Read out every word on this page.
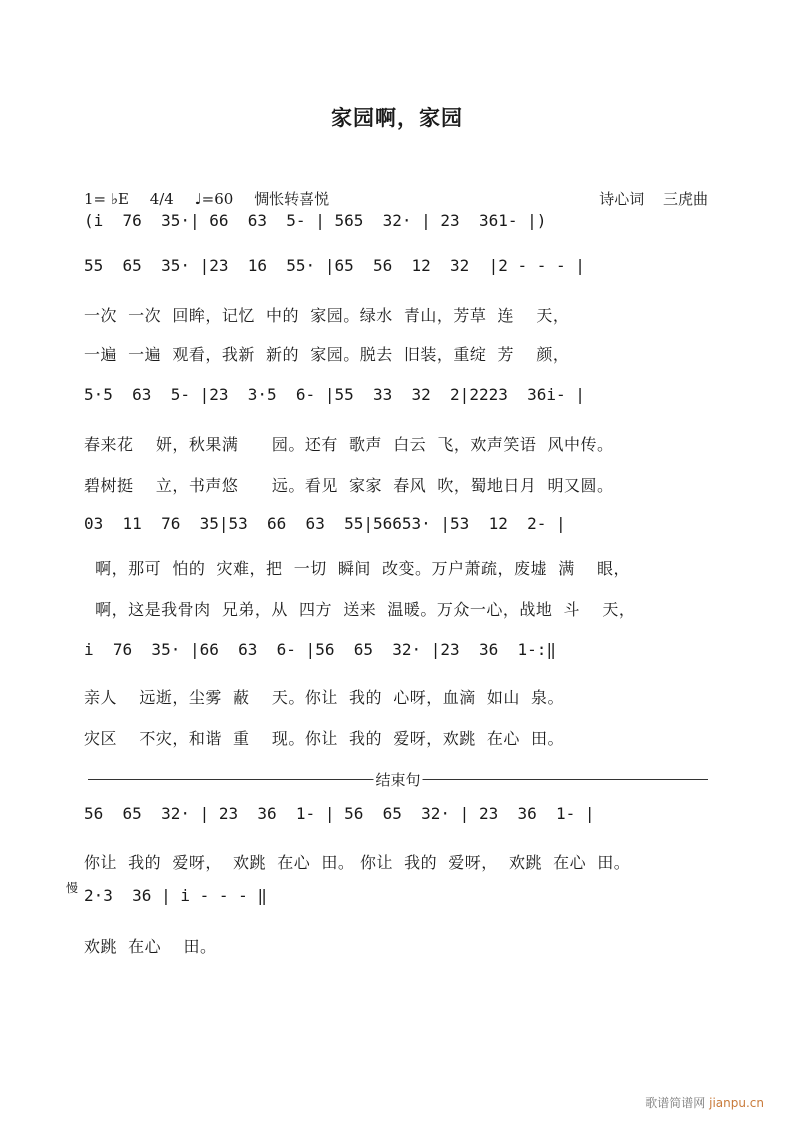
家园啊，家园
1= ♭E 4/4 ♩=60 惆怅转喜悦	诗心词 三虎曲
(i  76  35·| 66  63  5- | 565  32· | 23  361- |)
55  65  35· |23  16  55· |65  56  12  32  |2 - - - |
一次  一次  回眸，记忆  中的  家园。绿水  青山，芳草  连    天，
一遍  一遍  观看，我新  新的  家园。脱去  旧装，重绽  芳    颜，
5·5  63  5- |23  3·5  6- |55  33  32  2|2223  36i- |
春来花    妍，秋果满      园。还有  歌声  白云  飞，欢声笑语  风中传。
碧树挺    立，书声悠      远。看见  家家  春风  吹，蜀地日月  明又圆。
03  11  76  35|53  66  63  55|56653· |53  12  2- |
啊，那可  怕的  灾难，把  一切  瞬间  改变。万户萧疏，废墟  满    眼，
啊，这是我骨肉  兄弟，从  四方  送来  温暖。万众一心，战地  斗    天，
i  76  35· |66  63  6- |56  65  32· |23  36  1-:‖
亲人    远逝，尘雾  蔽    天。你让  我的  心呀，血滴  如山  泉。
灾区    不灾，和谐  重    现。你让  我的  爱呀，欢跳  在心  田。
56  65  32· | 23  36  1- | 56  65  32· | 23  36  1- |
你让  我的  爱呀，  欢跳  在心  田。 你让  我的  爱呀，  欢跳  在心  田。
2·3  36 | i - - - ‖
欢跳  在心    田。
结束句
慢
歌谱简谱网 jianpu.cn
